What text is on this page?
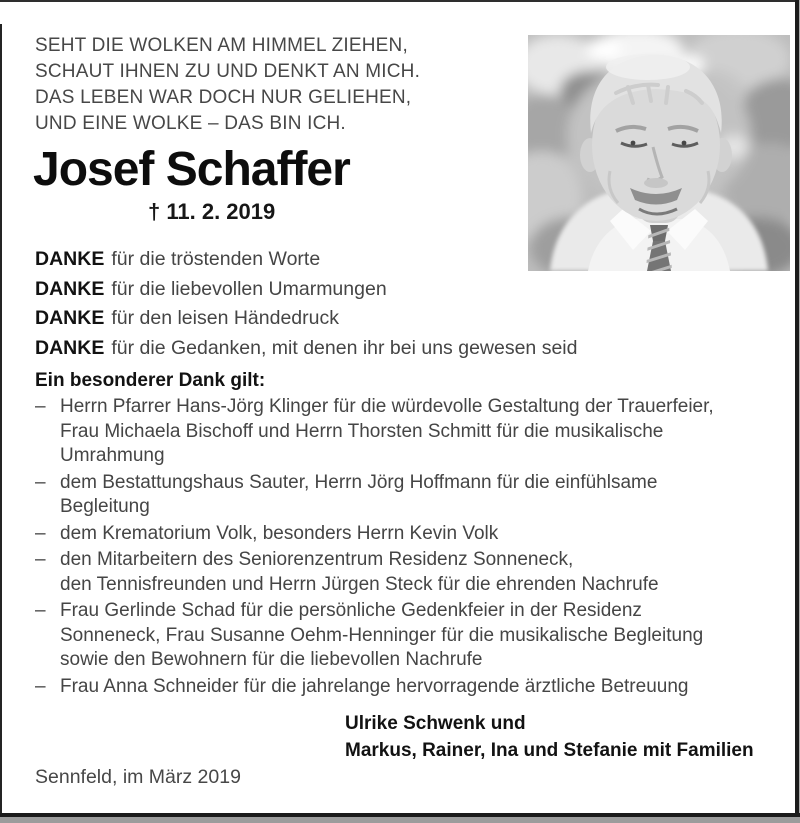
SEHT DIE WOLKEN AM HIMMEL ZIEHEN,
SCHAUT IHNEN ZU UND DENKT AN MICH.
DAS LEBEN WAR DOCH NUR GELIEHEN,
UND EINE WOLKE – DAS BIN ICH.
Josef Schaffer
† 11. 2. 2019
DANKE für die tröstenden Worte
DANKE für die liebevollen Umarmungen
DANKE für den leisen Händedruck
DANKE für die Gedanken, mit denen ihr bei uns gewesen seid
Ein besonderer Dank gilt:
– Herrn Pfarrer Hans-Jörg Klinger für die würdevolle Gestaltung der Trauerfeier,
Frau Michaela Bischoff und Herrn Thorsten Schmitt für die musikalische
Umrahmung
– dem Bestattungshaus Sauter, Herrn Jörg Hoffmann für die einfühlsame
Begleitung
– dem Krematorium Volk, besonders Herrn Kevin Volk
– den Mitarbeitern des Seniorenzentrum Residenz Sonneneck,
den Tennisfreunden und Herrn Jürgen Steck für die ehrenden Nachrufe
– Frau Gerlinde Schad für die persönliche Gedenkfeier in der Residenz
Sonneneck, Frau Susanne Oehm-Henninger für die musikalische Begleitung
sowie den Bewohnern für die liebevollen Nachrufe
– Frau Anna Schneider für die jahrelange hervorragende ärztliche Betreuung
Ulrike Schwenk und
Markus, Rainer, Ina und Stefanie mit Familien
Sennfeld, im März 2019
